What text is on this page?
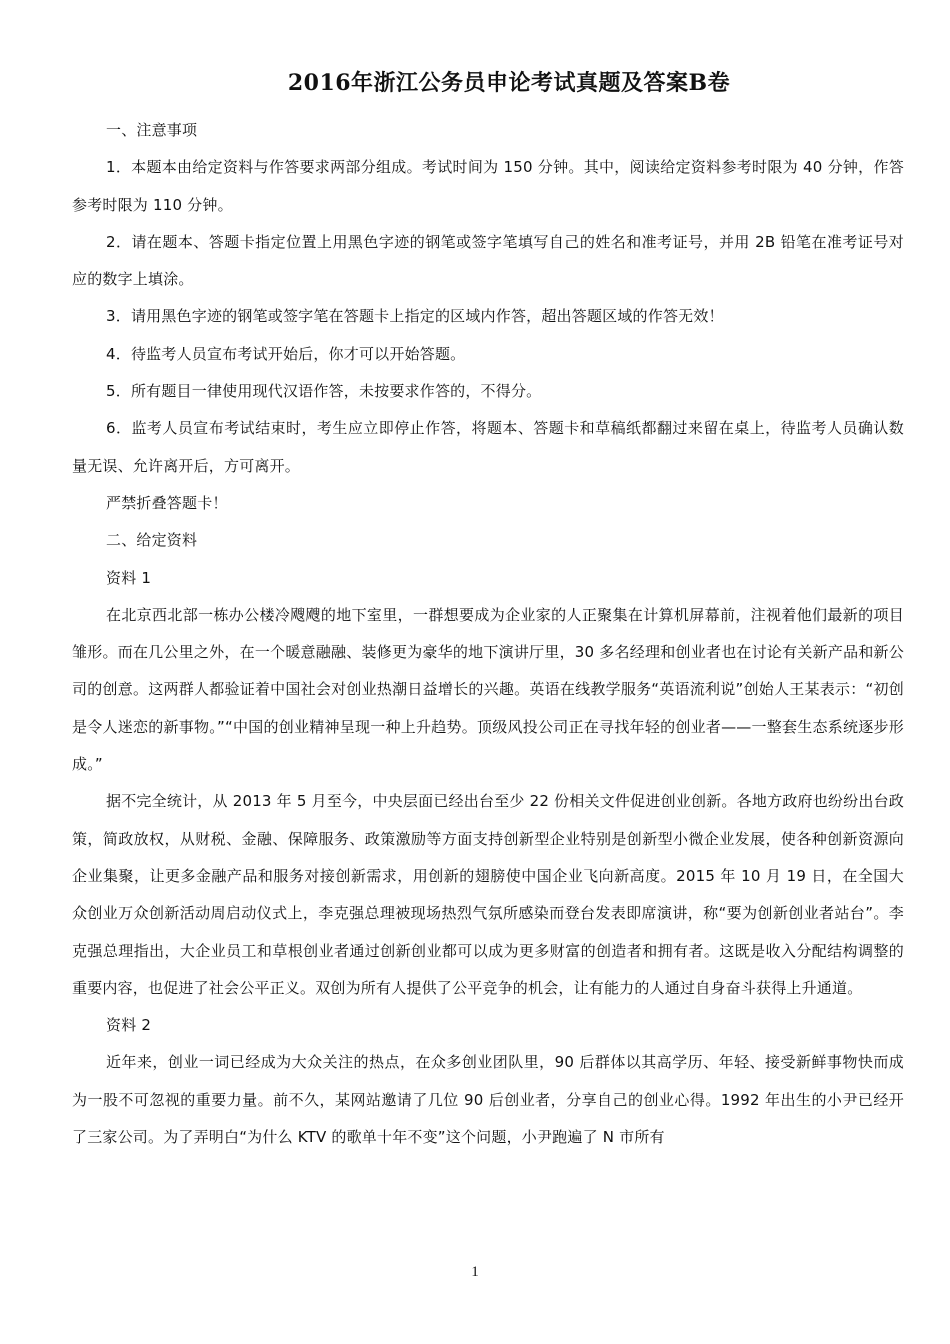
2016年浙江公务员申论考试真题及答案B卷

一、注意事项

1．本题本由给定资料与作答要求两部分组成。考试时间为 150 分钟。其中，阅读给定资料参考时限为 40 分钟，作答参考时限为 110 分钟。

2．请在题本、答题卡指定位置上用黑色字迹的钢笔或签字笔填写自己的姓名和准考证号，并用 2B 铅笔在准考证号对应的数字上填涂。

3．请用黑色字迹的钢笔或签字笔在答题卡上指定的区域内作答，超出答题区域的作答无效！

4．待监考人员宣布考试开始后，你才可以开始答题。

5．所有题目一律使用现代汉语作答，未按要求作答的，不得分。

6．监考人员宣布考试结束时，考生应立即停止作答，将题本、答题卡和草稿纸都翻过来留在桌上，待监考人员确认数量无误、允许离开后，方可离开。

严禁折叠答题卡！

二、给定资料

资料 1

在北京西北部一栋办公楼冷飕飕的地下室里，一群想要成为企业家的人正聚集在计算机屏幕前，注视着他们最新的项目雏形。而在几公里之外，在一个暖意融融、装修更为豪华的地下演讲厅里，30 多名经理和创业者也在讨论有关新产品和新公司的创意。这两群人都验证着中国社会对创业热潮日益增长的兴趣。英语在线教学服务“英语流利说”创始人王某表示：“初创是令人迷恋的新事物。”“中国的创业精神呈现一种上升趋势。顶级风投公司正在寻找年轻的创业者——一整套生态系统逐步形成。”

据不完全统计，从 2013 年 5 月至今，中央层面已经出台至少 22 份相关文件促进创业创新。各地方政府也纷纷出台政策，简政放权，从财税、金融、保障服务、政策激励等方面支持创新型企业特别是创新型小微企业发展，使各种创新资源向企业集聚，让更多金融产品和服务对接创新需求，用创新的翅膀使中国企业飞向新高度。2015 年 10 月 19 日，在全国大众创业万众创新活动周启动仪式上，李克强总理被现场热烈气氛所感染而登台发表即席演讲，称“要为创新创业者站台”。李克强总理指出，大企业员工和草根创业者通过创新创业都可以成为更多财富的创造者和拥有者。这既是收入分配结构调整的重要内容，也促进了社会公平正义。双创为所有人提供了公平竞争的机会，让有能力的人通过自身奋斗获得上升通道。

资料 2

近年来，创业一词已经成为大众关注的热点，在众多创业团队里，90 后群体以其高学历、年轻、接受新鲜事物快而成为一股不可忽视的重要力量。前不久，某网站邀请了几位 90 后创业者，分享自己的创业心得。1992 年出生的小尹已经开了三家公司。为了弄明白“为什么 KTV 的歌单十年不变”这个问题，小尹跑遍了 N 市所有

1
